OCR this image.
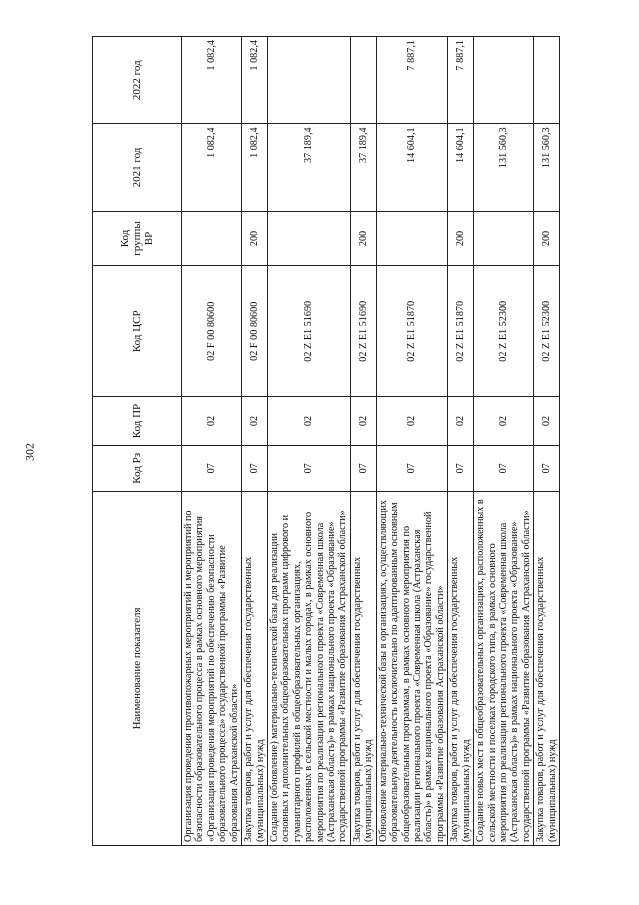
302
Наименование показателя	Код Рз	Код ПР	Код ЦСР	Код группы ВР	2021 год	2022 год
Организация проведения противопожарных мероприятий и мероприятий по безопасности образовательного процесса в рамках основного мероприятия «Организация проведения мероприятий по обеспечению безопасности образовательного процесса» государственной программы «Развитие образования Астраханской области»	07	02	02 F 00 80600		1 082,4	1 082,4
Закупка товаров, работ и услуг для обеспечения государственных (муниципальных) нужд	07	02	02 F 00 80600	200	1 082,4	1 082,4
Создание (обновление) материально-технической базы для реализации основных и дополнительных общеобразовательных программ цифрового и гуманитарного профилей в общеобразовательных организациях, расположенных в сельской местности и малых городах, в рамках основного мероприятия по реализации регионального проекта «Современная школа (Астраханская область)» в рамках национального проекта «Образование» государственной программы «Развитие образования Астраханской области»	07	02	02 Z E1 51690		37 189,4	
Закупка товаров, работ и услуг для обеспечения государственных (муниципальных) нужд	07	02	02 Z E1 51690	200	37 189,4	
Обновление материально-технической базы в организациях, осуществляющих образовательную деятельность исключительно по адаптированным основным общеобразовательным программам, в рамках основного мероприятия по реализации регионального проекта «Современная школа (Астраханская область)» в рамках национального проекта «Образование» государственной программы «Развитие образования Астраханской области»	07	02	02 Z E1 51870		14 604,1	7 887,1
Закупка товаров, работ и услуг для обеспечения государственных (муниципальных) нужд	07	02	02 Z E1 51870	200	14 604,1	7 887,1
Создание новых мест в общеобразовательных организациях, расположенных в сельской местности и поселках городского типа, в рамках основного мероприятия по реализации регионального проекта «Современная школа (Астраханская область)» в рамках национального проекта «Образование» государственной программы «Развитие образования Астраханской области»	07	02	02 Z E1 52300		131 560,3	
Закупка товаров, работ и услуг для обеспечения государственных (муниципальных) нужд	07	02	02 Z E1 52300	200	131 560,3	
